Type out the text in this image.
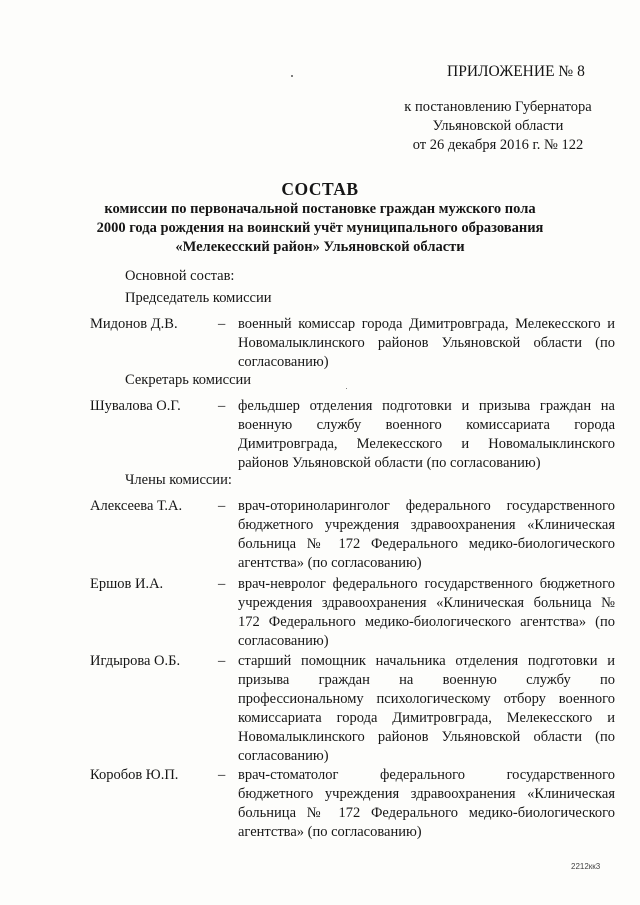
ПРИЛОЖЕНИЕ № 8
к постановлению Губернатора
Ульяновской области
от 26 декабря 2016 г. № 122
СОСТАВ
комиссии по первоначальной постановке граждан мужского пола
2000 года рождения на воинский учёт муниципального образования
«Мелекесский район» Ульяновской области
Основной состав:
Председатель комиссии
Мидонов Д.В.	– военный комиссар города Димитровграда, Мелекесского и Новомалыклинского районов Ульяновской области (по согласованию)
Секретарь комиссии
Шувалова О.Г.	– фельдшер отделения подготовки и призыва граждан на военную службу военного комиссариата города Димитровграда, Мелекесского и Новомалыклинского районов Ульяновской области (по согласованию)
Члены комиссии:
Алексеева Т.А. – врач-оториноларинголог федерального государственного бюджетного учреждения здравоохранения «Клиническая больница № 172 Федерального медико-биологического агентства» (по согласованию)
Ершов И.А.	– врач-невролог федерального государственного бюджетного учреждения здравоохранения «Клиническая больница № 172 Федерального медико-биологического агентства» (по согласованию)
Игдырова О.Б.	– старший помощник начальника отделения подготовки и призыва граждан на военную службу по профессиональному психологическому отбору военного комиссариата города Димитровграда, Мелекесского и Новомалыклинского районов Ульяновской области (по согласованию)
Коробов Ю.П.	– врач-стоматолог федерального государственного бюджетного учреждения здравоохранения «Клиническая больница № 172 Федерального медико-биологического агентства» (по согласованию)
2212кк3
